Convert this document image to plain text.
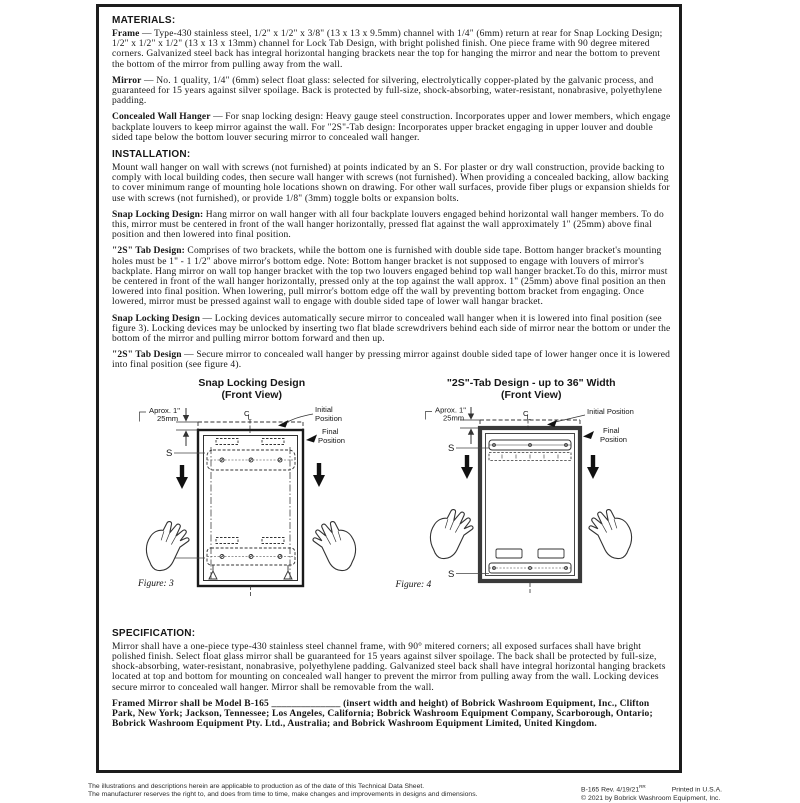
MATERIALS:

Frame — Type-430 stainless steel, 1/2" x 1/2" x 3/8" (13 x 13 x 9.5mm) channel with 1/4" (6mm) return at rear for Snap Locking Design; 1/2" x 1/2" x 1/2" (13 x 13 x 13mm) channel for Lock Tab Design, with bright polished finish. One piece frame with 90 degree mitered corners. Galvanized steel back has integral horizontal hanging brackets near the top for hanging the mirror and near the bottom to prevent the bottom of the mirror from pulling away from the wall.

Mirror — No. 1 quality, 1/4" (6mm) select float glass: selected for silvering, electrolytically copper-plated by the galvanic process, and guaranteed for 15 years against silver spoilage. Back is protected by full-size, shock-absorbing, water-resistant, nonabrasive, polyethylene padding.

Concealed Wall Hanger — For snap locking design: Heavy gauge steel construction. Incorporates upper and lower members, which engage backplate louvers to keep mirror against the wall. For "2S"-Tab design: Incorporates upper bracket engaging in upper louver and double sided tape below the bottom louver securing mirror to concealed wall hanger.

INSTALLATION:

Mount wall hanger on wall with screws (not furnished) at points indicated by an S. For plaster or dry wall construction, provide backing to comply with local building codes, then secure wall hanger with screws (not furnished). When providing a concealed backing, allow backing to cover minimum range of mounting hole locations shown on drawing. For other wall surfaces, provide fiber plugs or expansion shields for use with screws (not furnished), or provide 1/8" (3mm) toggle bolts or expansion bolts.

Snap Locking Design: Hang mirror on wall hanger with all four backplate louvers engaged behind horizontal wall hanger members. To do this, mirror must be centered in front of the wall hanger horizontally, pressed flat against the wall approximately 1" (25mm) above final position and then lowered into final position.

"2S" Tab Design: Comprises of two brackets, while the bottom one is furnished with double side tape. Bottom hanger bracket's mounting holes must be 1" - 1 1/2" above mirror's bottom edge. Note: Bottom hanger bracket is not supposed to engage with louvers of mirror's backplate. Hang mirror on wall top hanger bracket with the top two louvers engaged behind top wall hanger bracket.To do this, mirror must be centered in front of the wall hanger horizontally, pressed only at the top against the wall approx. 1" (25mm) above final position an then lowered into final position. When lowering, pull mirror's bottom edge off the wall by preventing bottom bracket from engaging. Once lowered, mirror must be pressed against wall to engage with double sided tape of lower wall hangar bracket.

Snap Locking Design — Locking devices automatically secure mirror to concealed wall hanger when it is lowered into final position (see figure 3). Locking devices may be unlocked by inserting two flat blade screwdrivers behind each side of mirror near the bottom or under the bottom of the mirror and pulling mirror bottom forward and then up.

"2S" Tab Design — Secure mirror to concealed wall hanger by pressing mirror against double sided tape of lower hanger once it is lowered into final position (see figure 4).

Snap Locking Design
(Front View)
Aprox. 1"
25mm
C
L
Initial
Position
Final
Position
S
Figure: 3
"2S"-Tab Design - up to 36" Width
(Front View)
Aprox. 1"
25mm	C
L
Initial Position
Final
Position
S
S
Figure: 4
SPECIFICATION:

Mirror shall have a one-piece type-430 stainless steel channel frame, with 90° mitered corners; all exposed surfaces shall have bright polished finish. Select float glass mirror shall be guaranteed for 15 years against silver spoilage. The back shall be protected by full-size, shock-absorbing, water-resistant, nonabrasive, polyethylene padding. Galvanized steel back shall have integral horizontal hanging brackets located at top and bottom for mounting on concealed wall hanger to prevent the mirror from pulling away from the wall. Locking devices secure mirror to concealed wall hanger. Mirror shall be removable from the wall.

Framed Mirror shall be Model B-165 ______________ (insert width and height) of Bobrick Washroom Equipment, Inc., Clifton Park, New York; Jackson, Tennessee; Los Angeles, California; Bobrick Washroom Equipment Company, Scarborough, Ontario; Bobrick Washroom Equipment Pty. Ltd., Australia; and Bobrick Washroom Equipment Limited, United Kingdom.

The illustrations and descriptions herein are applicable to production as of the date of this Technical Data Sheet.
The manufacturer reserves the right to, and does from time to time, make changes and improvements in designs and dimensions.
B-165 Rev. $4/19/21^{RR}$	Printed in U.S.A.
© 2021 by Bobrick Washroom Equipment, Inc.
